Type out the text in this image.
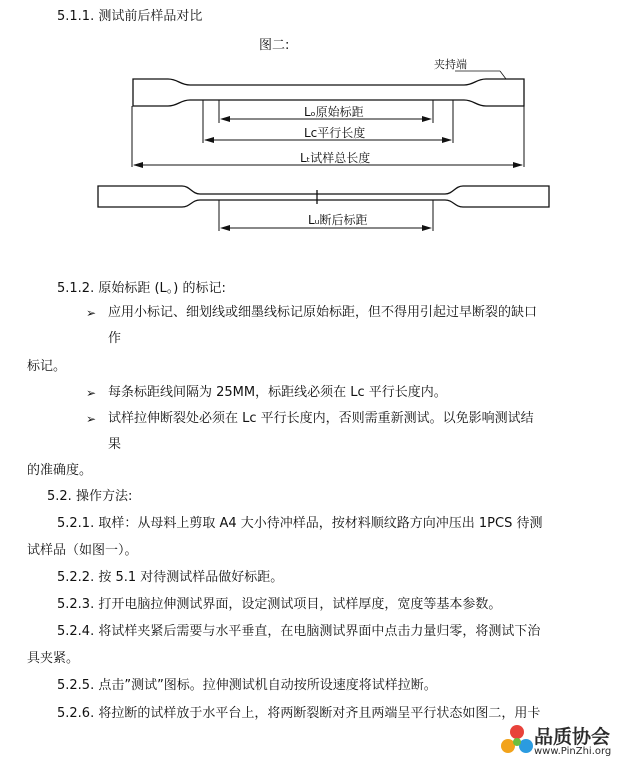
5.1.1. 测试前后样品对比
图二:
夹持端
Lₒ原始标距
Lc平行长度
Lₜ试样总长度
Lᵤ断后标距
5.1.2. 原始标距 (L。) 的标记:
➢ 应用小标记、细划线或细墨线标记原始标距，但不得用引起过早断裂的缺口
作
标记。
➢ 每条标距线间隔为 25MM，标距线必须在 Lc 平行长度内。
➢ 试样拉伸断裂处必须在 Lc 平行长度内，否则需重新测试。以免影响测试结
果
的准确度。
5.2. 操作方法:
5.2.1. 取样：从母料上剪取 A4 大小待冲样品，按材料顺纹路方向冲压出 1PCS 待测
试样品（如图一）。
5.2.2. 按 5.1 对待测试样品做好标距。
5.2.3. 打开电脑拉伸测试界面，设定测试项目，试样厚度，宽度等基本参数。
5.2.4. 将试样夹紧后需要与水平垂直，在电脑测试界面中点击力量归零，将测试下治
具夹紧。
5.2.5. 点击”测试”图标。拉伸测试机自动按所设速度将试样拉断。
5.2.6. 将拉断的试样放于水平台上，将两断裂断对齐且两端呈平行状态如图二，用卡
品质协会
www.PinZhi.org
